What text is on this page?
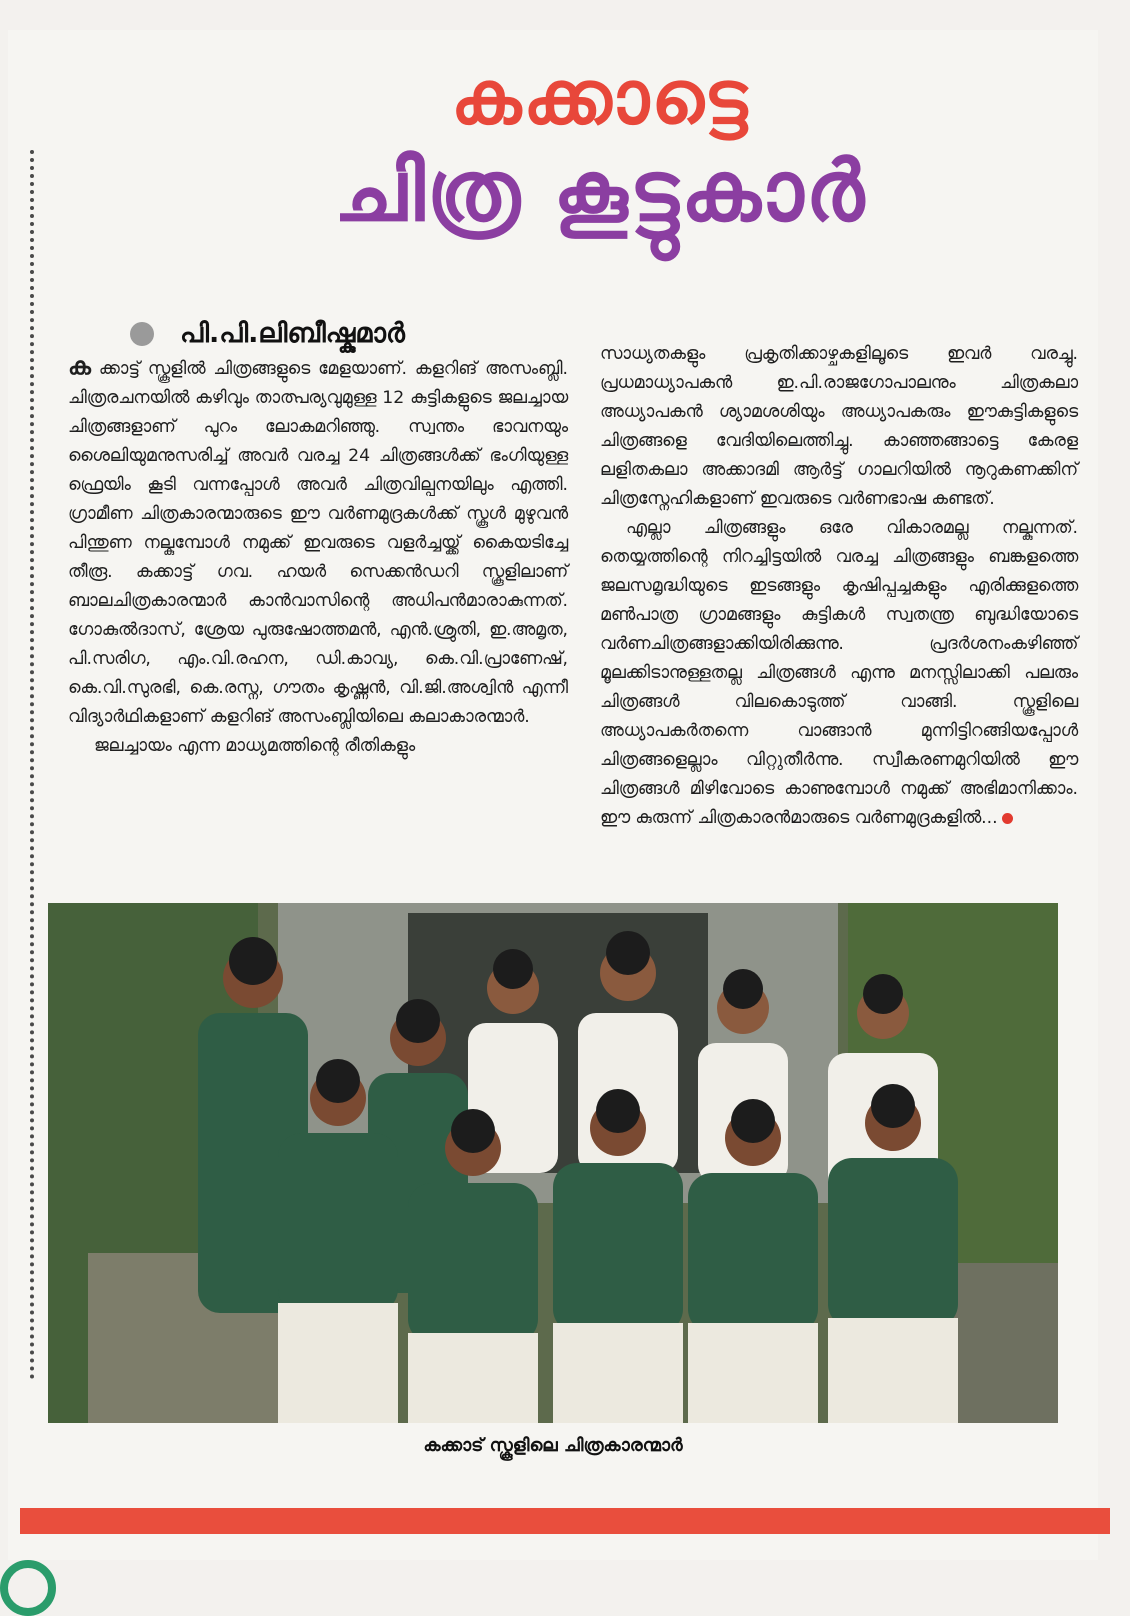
കക്കാട്ടെ
ചിത്ര കൂട്ടുകാർ
പി.പി.ലിബീഷ്കുമാർ

ക ക്കാട്ട് സ്കൂളിൽ ചിത്രങ്ങളുടെ മേളയാണ്. കളറിങ് അസംബ്ലി. ചിത്രരചനയിൽ കഴിവും താത്പര്യവുമുള്ള 12 കുട്ടികളുടെ ജലച്ചായ ചിത്രങ്ങളാണ് പുറം ലോകമറിഞ്ഞു. സ്വന്തം ഭാവനയും ശൈലിയുമനുസരിച്ച് അവർ വരച്ച 24 ചിത്രങ്ങൾക്ക് ഭംഗിയുള്ള ഫ്രെയിം കൂടി വന്നപ്പോൾ അവർ ചിത്രവില്പനയിലും എത്തി. ഗ്രാമീണ ചിത്രകാരന്മാരുടെ ഈ വർണമുദ്രകൾക്ക് സ്കൂൾ മുഴുവൻ പിന്തുണ നല്കുമ്പോൾ നമുക്ക് ഇവരുടെ വളർച്ചയ്ക്ക് കൈയടിച്ചേ തീരൂ. കക്കാട്ട് ഗവ. ഹയർ സെക്കൻഡറി സ്കൂളിലാണ് ബാലചിത്രകാരന്മാർ കാൻവാസിന്റെ അധിപൻമാരാകുന്നത്. ഗോകുൽദാസ്, ശ്രേയ പുരുഷോത്തമൻ, എൻ.ശ്രുതി, ഇ.അമൃത, പി.സരിഗ, എം.വി.രഹന, ഡി.കാവ്യ, കെ.വി.പ്രാണേഷ്, കെ.വി.സുരഭി, കെ.രസ്ന, ഗൗതം കൃഷ്ണൻ, വി.ജി.അശ്വിൻ എന്നീ വിദ്യാർഥികളാണ് കളറിങ് അസംബ്ലിയിലെ കലാകാരന്മാർ.

ജലച്ചായം എന്ന മാധ്യമത്തിന്റെ രീതികളും

സാധ്യതകളും പ്രകൃതിക്കാഴ്ചകളിലൂടെ ഇവർ വരച്ചു. പ്രധമാധ്യാപകൻ ഇ.പി.രാജഗോപാലനും ചിത്രകലാ അധ്യാപകൻ ശ്യാമശശിയും അധ്യാപകരും ഈകുട്ടികളുടെ ചിത്രങ്ങളെ വേദിയിലെത്തിച്ചു. കാഞ്ഞങ്ങാട്ടെ കേരള ലളിതകലാ അക്കാദമി ആർട്ട് ഗാലറിയിൽ നൂറുകണക്കിന് ചിത്രസ്നേഹികളാണ് ഇവരുടെ വർണഭാഷ കണ്ടത്.

എല്ലാ ചിത്രങ്ങളും ഒരേ വികാരമല്ല നല്കുന്നത്. തെയ്യത്തിന്റെ നിറച്ചിട്ടയിൽ വരച്ച ചിത്രങ്ങളും ബങ്കളത്തെ ജലസമൃദ്ധിയുടെ ഇടങ്ങളും കൃഷിപ്പച്ചകളും എരിക്കുളത്തെ മൺപാത്ര ഗ്രാമങ്ങളും കുട്ടികൾ സ്വതന്ത്ര ബുദ്ധിയോടെ വർണചിത്രങ്ങളാക്കിയിരിക്കുന്നു. പ്രദർശനംകഴിഞ്ഞ് മൂലക്കിടാനുള്ളതല്ല ചിത്രങ്ങൾ എന്നു മനസ്സിലാക്കി പലരും ചിത്രങ്ങൾ വിലകൊടുത്ത് വാങ്ങി. സ്കൂളിലെ അധ്യാപകർതന്നെ വാങ്ങാൻ മുന്നിട്ടിറങ്ങിയപ്പോൾ ചിത്രങ്ങളെല്ലാം വിറ്റുതീർന്നു. സ്വീകരണമുറിയിൽ ഈ ചിത്രങ്ങൾ മിഴിവോടെ കാണുമ്പോൾ നമുക്ക് അഭിമാനിക്കാം. ഈ കുരുന്ന് ചിത്രകാരൻമാരുടെ വർണമുദ്രകളിൽ...

കക്കാട് സ്കൂളിലെ ചിത്രകാരന്മാർ
